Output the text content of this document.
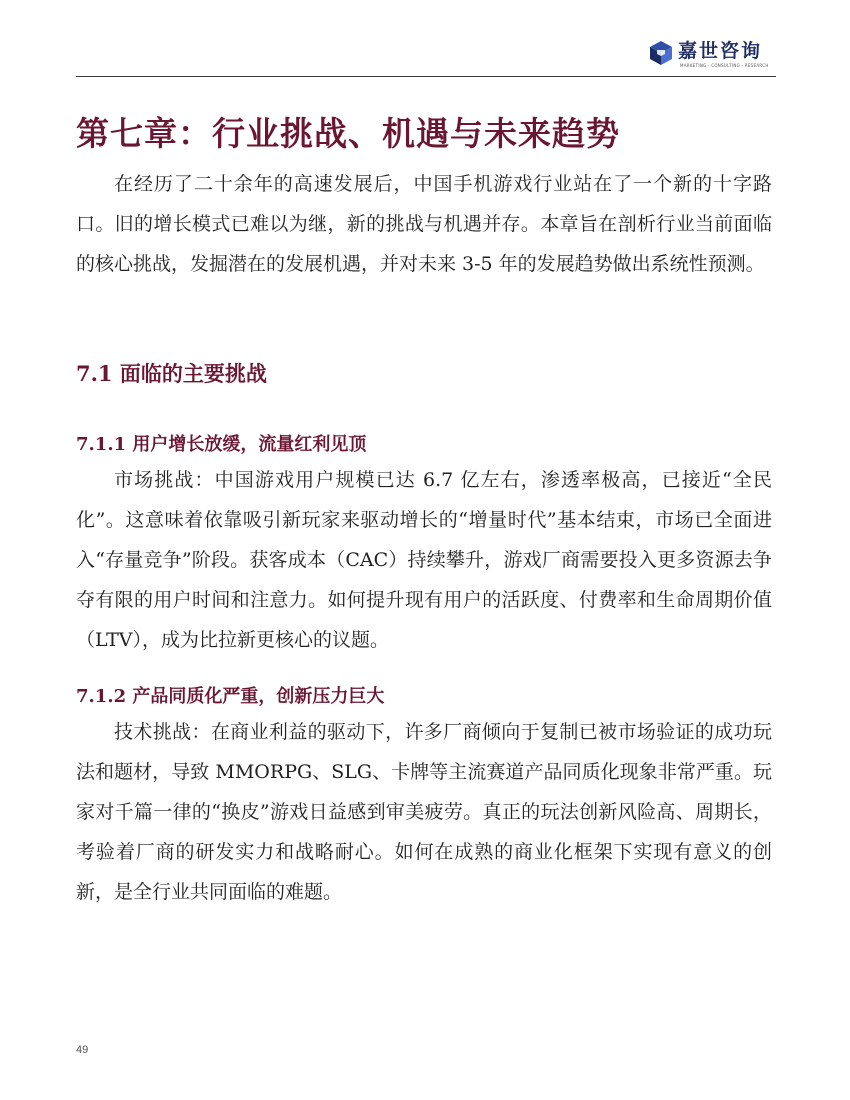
嘉世咨询
MARKETING · CONSULTING · RESEARCH
第七章：行业挑战、机遇与未来趋势

在经历了二十余年的高速发展后，中国手机游戏行业站在了一个新的十字路口。旧的增长模式已难以为继，新的挑战与机遇并存。本章旨在剖析行业当前面临的核心挑战，发掘潜在的发展机遇，并对未来 3-5 年的发展趋势做出系统性预测。

7.1 面临的主要挑战
7.1.1 用户增长放缓，流量红利见顶

市场挑战：中国游戏用户规模已达 6.7 亿左右，渗透率极高，已接近“全民化”。这意味着依靠吸引新玩家来驱动增长的“增量时代”基本结束，市场已全面进入“存量竞争”阶段。获客成本（CAC）持续攀升，游戏厂商需要投入更多资源去争夺有限的用户时间和注意力。如何提升现有用户的活跃度、付费率和生命周期价值（LTV），成为比拉新更核心的议题。

7.1.2 产品同质化严重，创新压力巨大

技术挑战：在商业利益的驱动下，许多厂商倾向于复制已被市场验证的成功玩法和题材，导致 MMORPG、SLG、卡牌等主流赛道产品同质化现象非常严重。玩家对千篇一律的“换皮”游戏日益感到审美疲劳。真正的玩法创新风险高、周期长，考验着厂商的研发实力和战略耐心。如何在成熟的商业化框架下实现有意义的创新，是全行业共同面临的难题。

49
